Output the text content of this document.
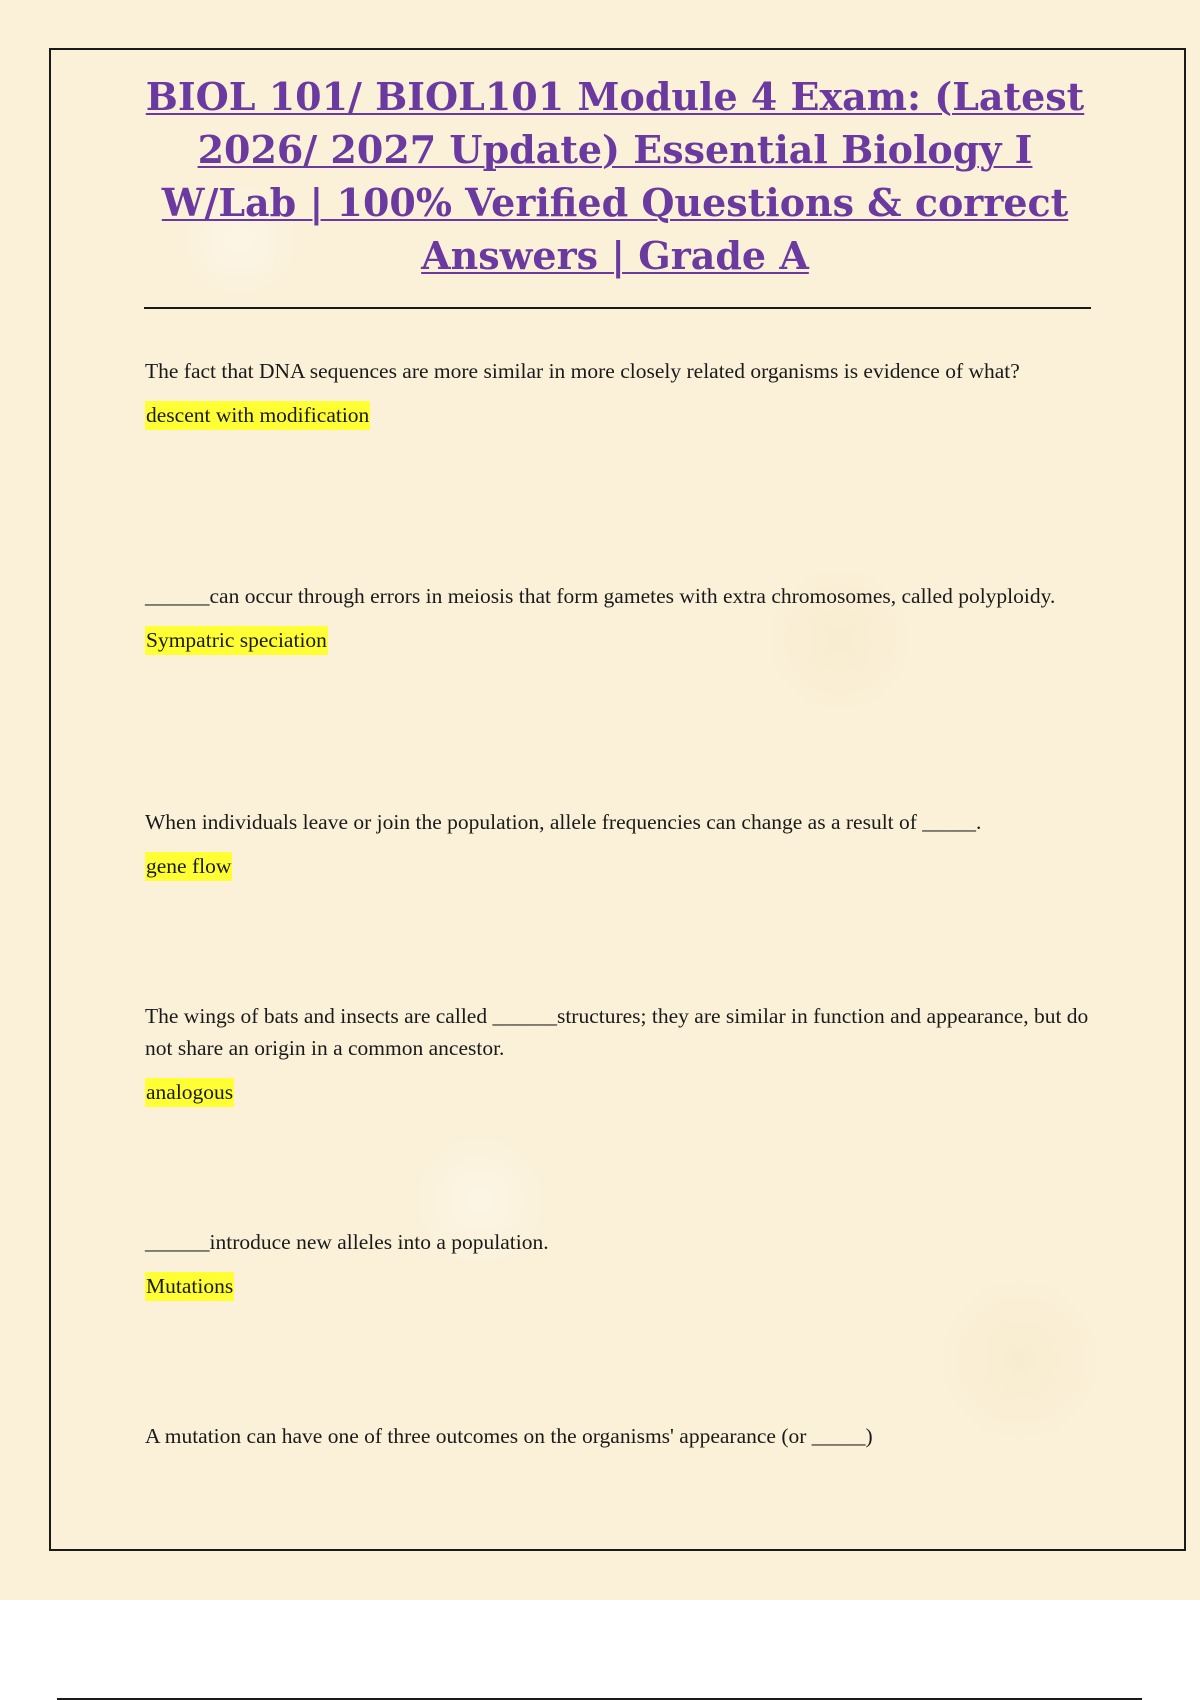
BIOL 101/ BIOL101 Module 4 Exam: (Latest 2026/ 2027 Update) Essential Biology I W/Lab | 100% Verified Questions & correct Answers | Grade A

The fact that DNA sequences are more similar in more closely related organisms is evidence of what?

descent with modification

______can occur through errors in meiosis that form gametes with extra chromosomes, called polyploidy.

Sympatric speciation

When individuals leave or join the population, allele frequencies can change as a result of _____.

gene flow

The wings of bats and insects are called ______structures; they are similar in function and appearance, but do not share an origin in a common ancestor.

analogous

______introduce new alleles into a population.

Mutations

A mutation can have one of three outcomes on the organisms' appearance (or _____)
